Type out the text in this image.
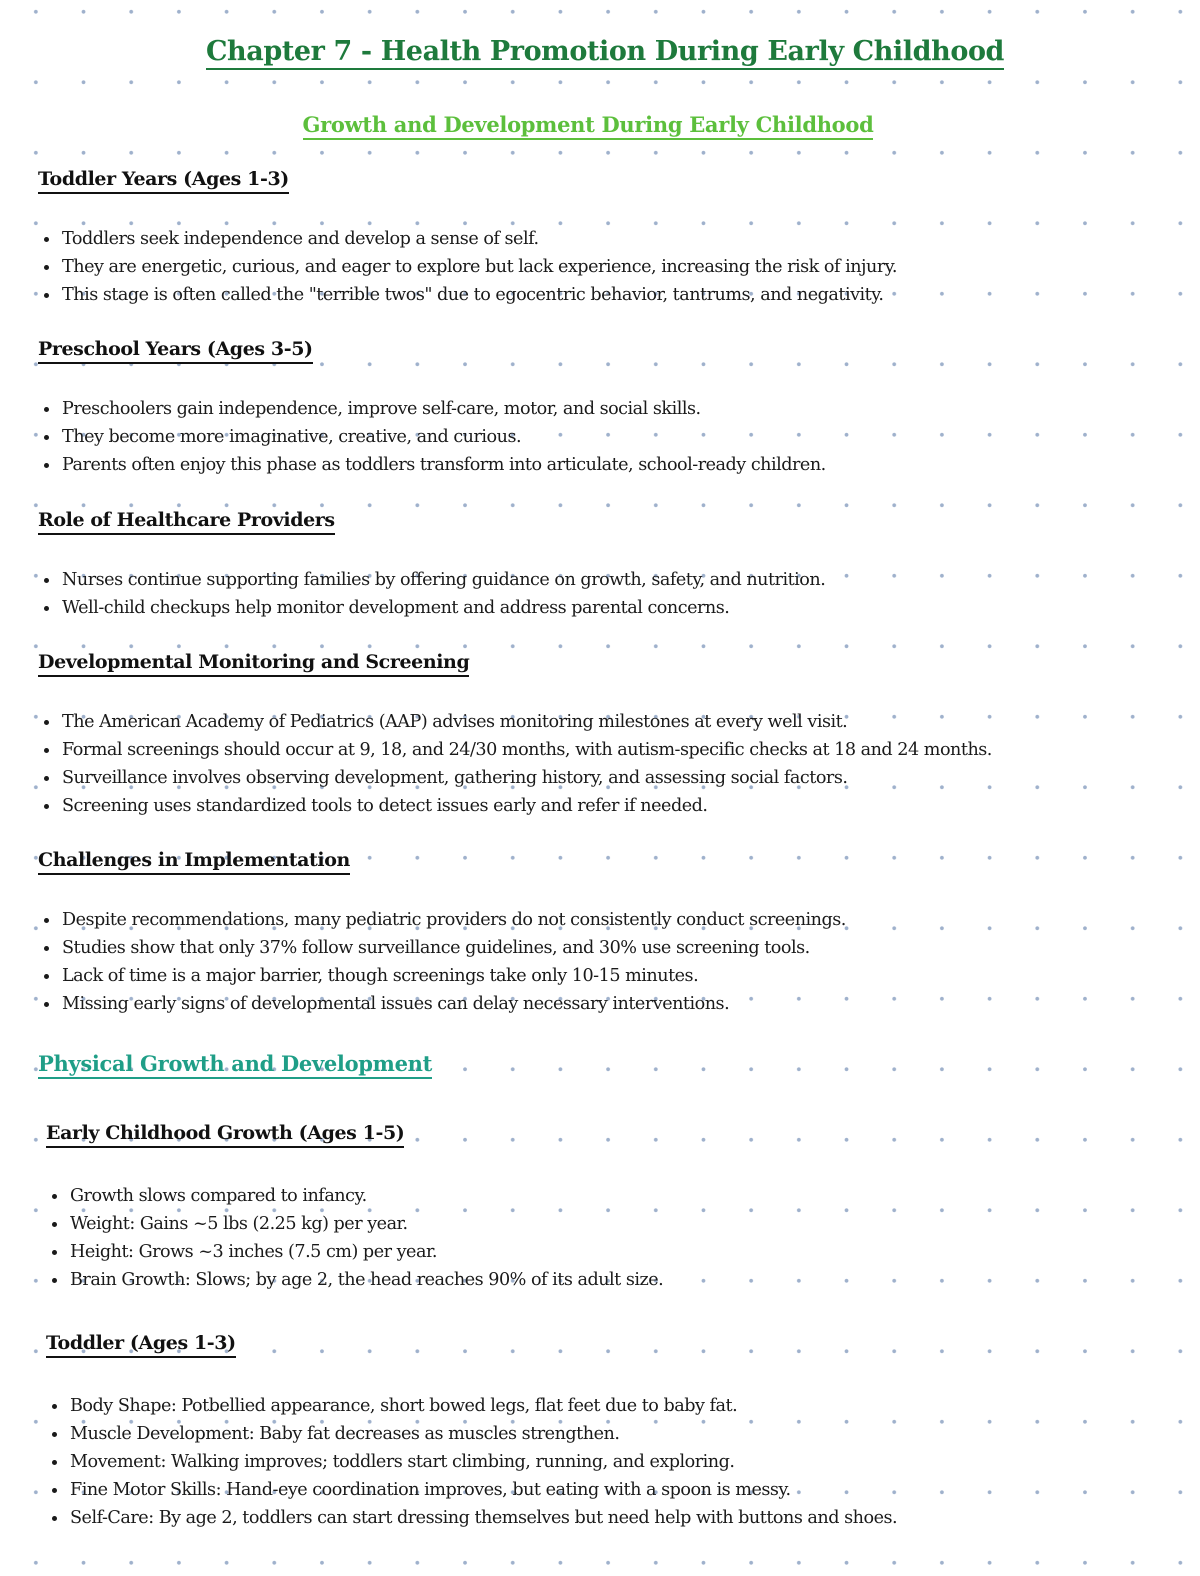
Chapter 7 - Health Promotion During Early Childhood
Growth and Development During Early Childhood
Toddler Years (Ages 1-3)
Toddlers seek independence and develop a sense of self.
They are energetic, curious, and eager to explore but lack experience, increasing the risk of injury.
This stage is often called the "terrible twos" due to egocentric behavior, tantrums, and negativity.
Preschool Years (Ages 3-5)
Preschoolers gain independence, improve self-care, motor, and social skills.
They become more imaginative, creative, and curious.
Parents often enjoy this phase as toddlers transform into articulate, school-ready children.
Role of Healthcare Providers
Nurses continue supporting families by offering guidance on growth, safety, and nutrition.
Well-child checkups help monitor development and address parental concerns.
Developmental Monitoring and Screening
The American Academy of Pediatrics (AAP) advises monitoring milestones at every well visit.
Formal screenings should occur at 9, 18, and 24/30 months, with autism-specific checks at 18 and 24 months.
Surveillance involves observing development, gathering history, and assessing social factors.
Screening uses standardized tools to detect issues early and refer if needed.
Challenges in Implementation
Despite recommendations, many pediatric providers do not consistently conduct screenings.
Studies show that only 37% follow surveillance guidelines, and 30% use screening tools.
Lack of time is a major barrier, though screenings take only 10-15 minutes.
Missing early signs of developmental issues can delay necessary interventions.
Physical Growth and Development
Early Childhood Growth (Ages 1-5)
Growth slows compared to infancy.
Weight: Gains ~5 lbs (2.25 kg) per year.
Height: Grows ~3 inches (7.5 cm) per year.
Brain Growth: Slows; by age 2, the head reaches 90% of its adult size.
Toddler (Ages 1-3)
Body Shape: Potbellied appearance, short bowed legs, flat feet due to baby fat.
Muscle Development: Baby fat decreases as muscles strengthen.
Movement: Walking improves; toddlers start climbing, running, and exploring.
Fine Motor Skills: Hand-eye coordination improves, but eating with a spoon is messy.
Self-Care: By age 2, toddlers can start dressing themselves but need help with buttons and shoes.
